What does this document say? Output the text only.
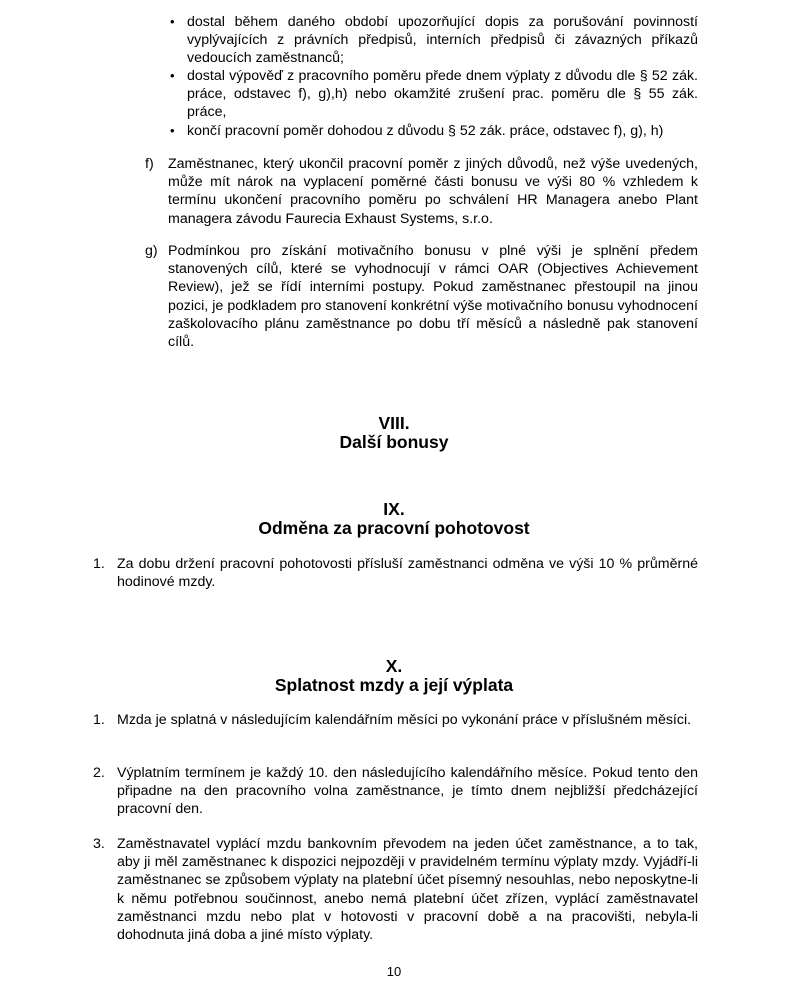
• dostal během daného období upozorňující dopis za porušování povinností vyplývajících z právních předpisů, interních předpisů či závazných příkazů vedoucích zaměstnanců;
• dostal výpověď z pracovního poměru přede dnem výplaty z důvodu dle § 52 zák. práce, odstavec f), g),h) nebo okamžité zrušení prac. poměru dle § 55 zák. práce,
• končí pracovní poměr dohodou z důvodu § 52 zák. práce, odstavec f), g), h)
f) Zaměstnanec, který ukončil pracovní poměr z jiných důvodů, než výše uvedených, může mít nárok na vyplacení poměrné části bonusu ve výši 80 % vzhledem k termínu ukončení pracovního poměru po schválení HR Managera anebo Plant managera závodu Faurecia Exhaust Systems, s.r.o.
g) Podmínkou pro získání motivačního bonusu v plné výši je splnění předem stanovených cílů, které se vyhodnocují v rámci OAR (Objectives Achievement Review), jež se řídí interními postupy. Pokud zaměstnanec přestoupil na jinou pozici, je podkladem pro stanovení konkrétní výše motivačního bonusu vyhodnocení zaškolovacího plánu zaměstnance po dobu tří měsíců a následně pak stanovení cílů.
VIII.
Další bonusy
IX.
Odměna za pracovní pohotovost
1. Za dobu držení pracovní pohotovosti přísluší zaměstnanci odměna ve výši 10 % průměrné hodinové mzdy.
X.
Splatnost mzdy a její výplata
1. Mzda je splatná v následujícím kalendářním měsíci po vykonání práce v příslušném měsíci.
2. Výplatním termínem je každý 10. den následujícího kalendářního měsíce. Pokud tento den připadne na den pracovního volna zaměstnance, je tímto dnem nejbližší předcházející pracovní den.
3. Zaměstnavatel vyplácí mzdu bankovním převodem na jeden účet zaměstnance, a to tak, aby ji měl zaměstnanec k dispozici nejpozději v pravidelném termínu výplaty mzdy. Vyjádří-li zaměstnanec se způsobem výplaty na platební účet písemný nesouhlas, nebo neposkytne-li k němu potřebnou součinnost, anebo nemá platební účet zřízen, vyplácí zaměstnavatel zaměstnanci mzdu nebo plat v hotovosti v pracovní době a na pracovišti, nebyla-li dohodnuta jiná doba a jiné místo výplaty.
10
